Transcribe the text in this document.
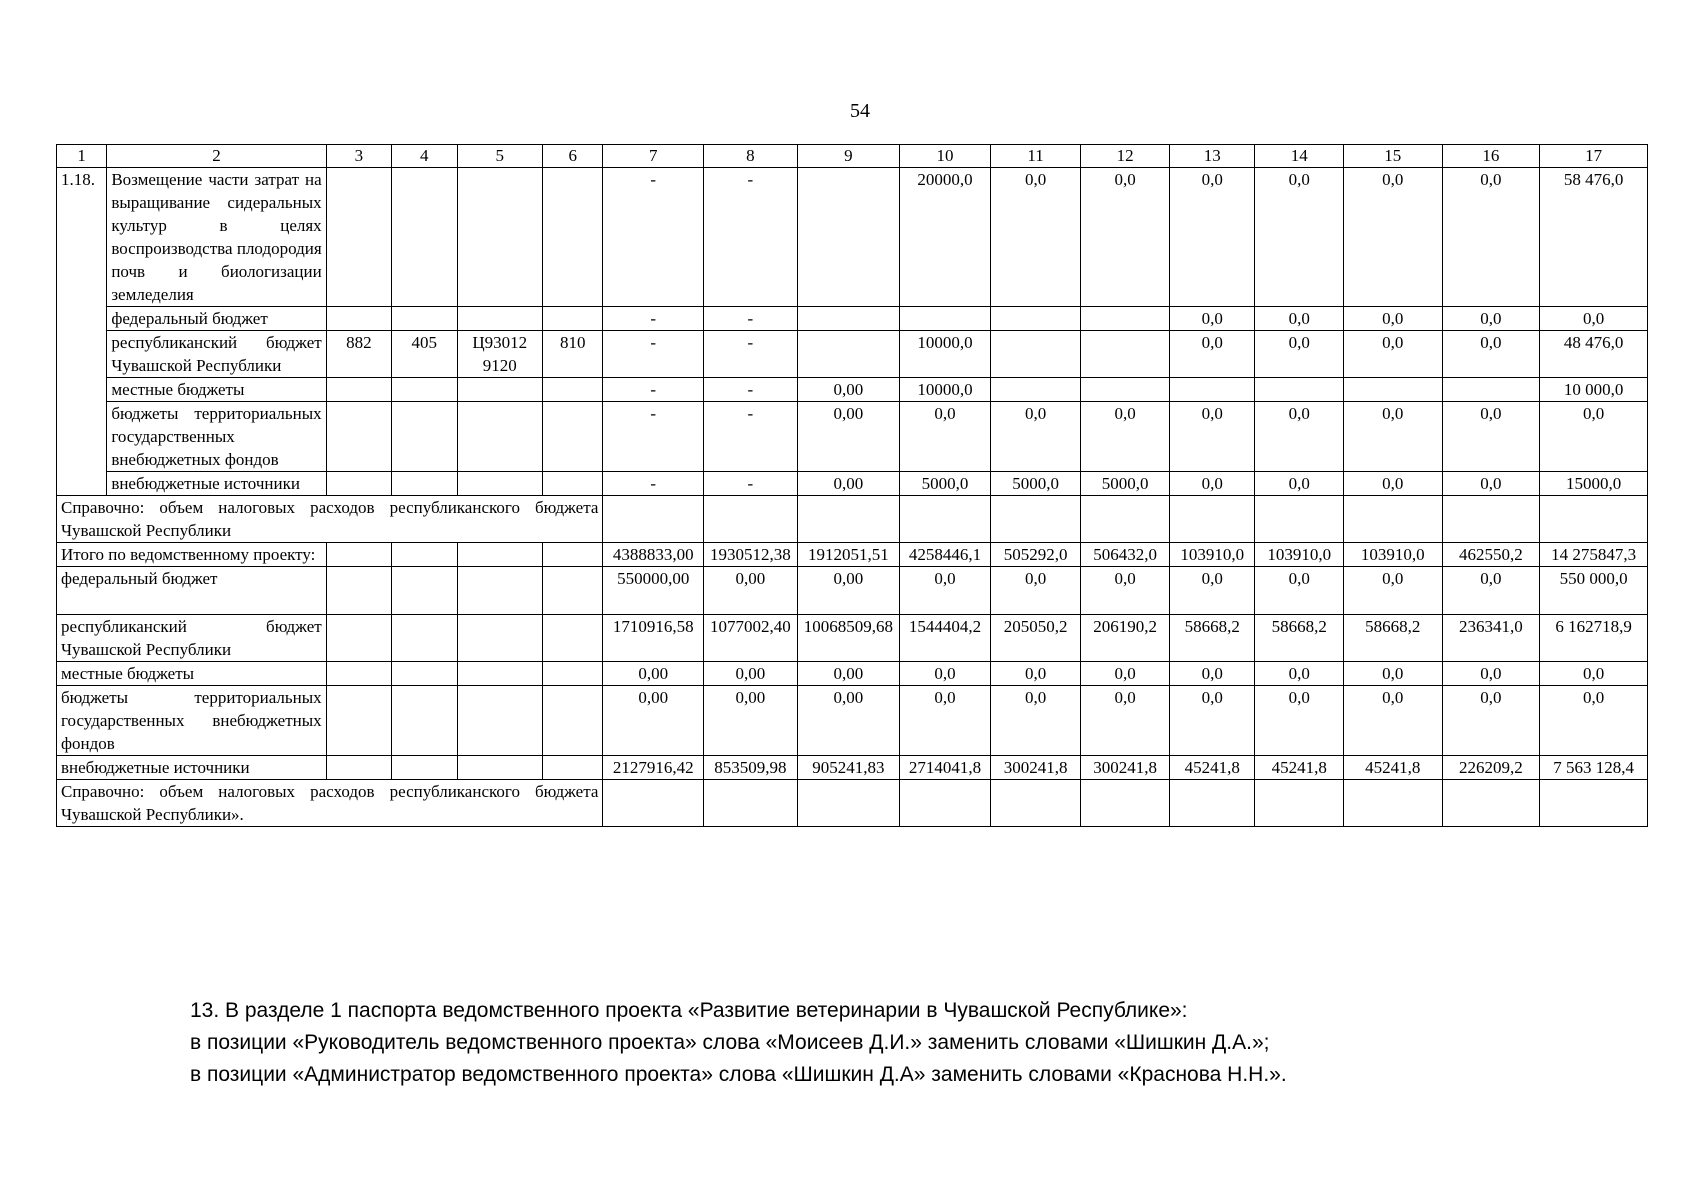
54
1	2	3	4	5	6	7	8	9	10	11	12	13	14	15	16	17
1.18.	Возмещение части затрат на выращивание сидеральных культур в целях воспроизводства плодородия почв и биологизации земледелия					-	-		20000,0	0,0	0,0	0,0	0,0	0,0	0,0	58 476,0
	федеральный бюджет					-	-					0,0	0,0	0,0	0,0	0,0
	республиканский бюджет Чувашской Республики	882	405	Ц93012 9120	810	-	-		10000,0			0,0	0,0	0,0	0,0	48 476,0
	местные бюджеты					-	-	0,00	10000,0							10 000,0
	бюджеты территориальных государственных внебюджетных фондов					-	-	0,00	0,0	0,0	0,0	0,0	0,0	0,0	0,0	0,0
	внебюджетные источники					-	-	0,00	5000,0	5000,0	5000,0	0,0	0,0	0,0	0,0	15000,0
Справочно: объем налоговых расходов республиканского бюджета Чувашской Республики																
Итого по ведомственному проекту:						4388833,00	1930512,38	1912051,51	4258446,1	505292,0	506432,0	103910,0	103910,0	103910,0	462550,2	14 275847,3
федеральный бюджет						550000,00	0,00	0,00	0,0	0,0	0,0	0,0	0,0	0,0	0,0	550 000,0
республиканский бюджет Чувашской Республики						1710916,58	1077002,40	10068509,68	1544404,2	205050,2	206190,2	58668,2	58668,2	58668,2	236341,0	6 162718,9
местные бюджеты						0,00	0,00	0,00	0,0	0,0	0,0	0,0	0,0	0,0	0,0	0,0
бюджеты территориальных государственных внебюджетных фондов						0,00	0,00	0,00	0,0	0,0	0,0	0,0	0,0	0,0	0,0	0,0
внебюджетные источники						2127916,42	853509,98	905241,83	2714041,8	300241,8	300241,8	45241,8	45241,8	45241,8	226209,2	7 563 128,4
Справочно: объем налоговых расходов республиканского бюджета Чувашской Республики».																

13. В разделе 1 паспорта ведомственного проекта «Развитие ветеринарии в Чувашской Республике»:

в позиции «Руководитель ведомственного проекта» слова «Моисеев Д.И.» заменить словами «Шишкин Д.А.»;

в позиции «Администратор ведомственного проекта» слова «Шишкин Д.А» заменить словами «Краснова Н.Н.».
